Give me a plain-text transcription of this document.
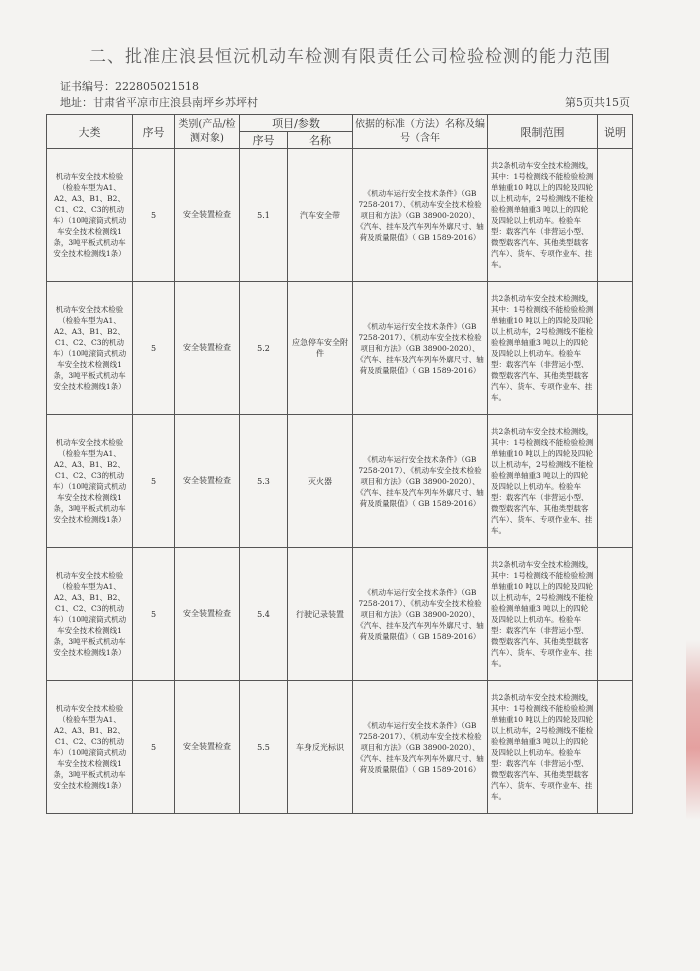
二、批准庄浪县恒沅机动车检测有限责任公司检验检测的能力范围
证书编号：222805021518
地址：甘肃省平凉市庄浪县南坪乡苏坪村	第5页共15页
大类	序号	类别(产品/检测对象)	项目/参数		依据的标准（方法）名称及编号（含年	限制范围	说明
			序号	名称			
机动车安全技术检验（检验车型为A1、A2、A3、B1、B2、C1、C2、C3的机动车）（10吨滚筒式机动车安全技术检测线1条，3吨平板式机动车安全技术检测线1条）	5	安全装置检查	5.1	汽车安全带	《机动车运行安全技术条件》（GB 7258-2017）、《机动车安全技术检验项目和方法》（GB 38900-2020）、《汽车、挂车及汽车列车外廓尺寸、轴荷及质量限值》（ GB 1589-2016）	共2条机动车安全技术检测线，其中：1号检测线不能检验检测单轴重10 吨以上的四轮及四轮以上机动车，2号检测线不能检验检测单轴重3 吨以上的四轮及四轮以上机动车。检验车型：载客汽车（非营运小型、微型载客汽车、其他类型载客汽车）、货车、专项作业车、挂车。	
机动车安全技术检验（检验车型为A1、A2、A3、B1、B2、C1、C2、C3的机动车）（10吨滚筒式机动车安全技术检测线1条，3吨平板式机动车安全技术检测线1条）	5	安全装置检查	5.2	应急停车安全附件	《机动车运行安全技术条件》（GB 7258-2017）、《机动车安全技术检验项目和方法》（GB 38900-2020）、《汽车、挂车及汽车列车外廓尺寸、轴荷及质量限值》（ GB 1589-2016）	共2条机动车安全技术检测线，其中：1号检测线不能检验检测单轴重10 吨以上的四轮及四轮以上机动车，2号检测线不能检验检测单轴重3 吨以上的四轮及四轮以上机动车。检验车型：载客汽车（非营运小型、微型载客汽车、其他类型载客汽车）、货车、专项作业车、挂车。	
机动车安全技术检验（检验车型为A1、A2、A3、B1、B2、C1、C2、C3的机动车）（10吨滚筒式机动车安全技术检测线1条，3吨平板式机动车安全技术检测线1条）	5	安全装置检查	5.3	灭火器	《机动车运行安全技术条件》（GB 7258-2017）、《机动车安全技术检验项目和方法》（GB 38900-2020）、《汽车、挂车及汽车列车外廓尺寸、轴荷及质量限值》（ GB 1589-2016）	共2条机动车安全技术检测线，其中：1号检测线不能检验检测单轴重10 吨以上的四轮及四轮以上机动车，2号检测线不能检验检测单轴重3 吨以上的四轮及四轮以上机动车。检验车型：载客汽车（非营运小型、微型载客汽车、其他类型载客汽车）、货车、专项作业车、挂车。	
机动车安全技术检验（检验车型为A1、A2、A3、B1、B2、C1、C2、C3的机动车）（10吨滚筒式机动车安全技术检测线1条，3吨平板式机动车安全技术检测线1条）	5	安全装置检查	5.4	行驶记录装置	《机动车运行安全技术条件》（GB 7258-2017）、《机动车安全技术检验项目和方法》（GB 38900-2020）、《汽车、挂车及汽车列车外廓尺寸、轴荷及质量限值》（ GB 1589-2016）	共2条机动车安全技术检测线，其中：1号检测线不能检验检测单轴重10 吨以上的四轮及四轮以上机动车，2号检测线不能检验检测单轴重3 吨以上的四轮及四轮以上机动车。检验车型：载客汽车（非营运小型、微型载客汽车、其他类型载客汽车）、货车、专项作业车、挂车。	
机动车安全技术检验（检验车型为A1、A2、A3、B1、B2、C1、C2、C3的机动车）（10吨滚筒式机动车安全技术检测线1条，3吨平板式机动车安全技术检测线1条）	5	安全装置检查	5.5	车身反光标识	《机动车运行安全技术条件》（GB 7258-2017）、《机动车安全技术检验项目和方法》（GB 38900-2020）、《汽车、挂车及汽车列车外廓尺寸、轴荷及质量限值》（ GB 1589-2016）	共2条机动车安全技术检测线，其中：1号检测线不能检验检测单轴重10 吨以上的四轮及四轮以上机动车，2号检测线不能检验检测单轴重3 吨以上的四轮及四轮以上机动车。检验车型：载客汽车（非营运小型、微型载客汽车、其他类型载客汽车）、货车、专项作业车、挂车。	
